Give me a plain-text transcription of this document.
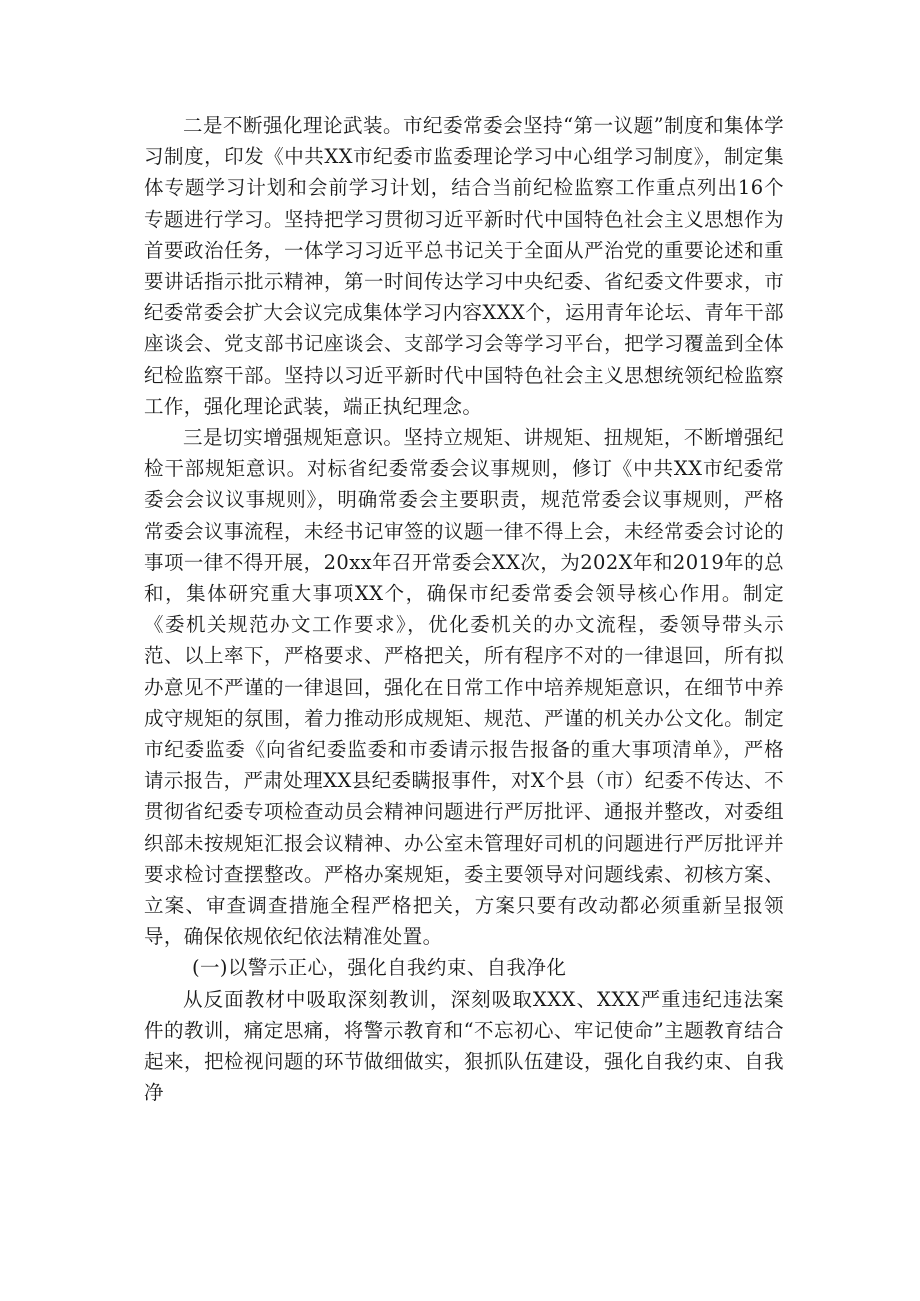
二是不断强化理论武装。市纪委常委会坚持“第一议题”制度和集体学习制度，印发《中共XX市纪委市监委理论学习中心组学习制度》，制定集体专题学习计划和会前学习计划，结合当前纪检监察工作重点列出16个专题进行学习。坚持把学习贯彻习近平新时代中国特色社会主义思想作为首要政治任务，一体学习习近平总书记关于全面从严治党的重要论述和重要讲话指示批示精神，第一时间传达学习中央纪委、省纪委文件要求，市纪委常委会扩大会议完成集体学习内容XXX个，运用青年论坛、青年干部座谈会、党支部书记座谈会、支部学习会等学习平台，把学习覆盖到全体纪检监察干部。坚持以习近平新时代中国特色社会主义思想统领纪检监察工作，强化理论武装，端正执纪理念。

三是切实增强规矩意识。坚持立规矩、讲规矩、扭规矩，不断增强纪检干部规矩意识。对标省纪委常委会议事规则，修订《中共XX市纪委常委会会议议事规则》，明确常委会主要职责，规范常委会议事规则，严格常委会议事流程，未经书记审签的议题一律不得上会，未经常委会讨论的事项一律不得开展，20xx年召开常委会XX次，为202X年和2019年的总和，集体研究重大事项XX个，确保市纪委常委会领导核心作用。制定《委机关规范办文工作要求》，优化委机关的办文流程，委领导带头示范、以上率下，严格要求、严格把关，所有程序不对的一律退回，所有拟办意见不严谨的一律退回，强化在日常工作中培养规矩意识，在细节中养成守规矩的氛围，着力推动形成规矩、规范、严谨的机关办公文化。制定市纪委监委《向省纪委监委和市委请示报告报备的重大事项清单》，严格请示报告，严肃处理XX县纪委瞒报事件，对X个县（市）纪委不传达、不贯彻省纪委专项检查动员会精神问题进行严厉批评、通报并整改，对委组织部未按规矩汇报会议精神、办公室未管理好司机的问题进行严厉批评并要求检讨查摆整改。严格办案规矩，委主要领导对问题线索、初核方案、立案、审查调查措施全程严格把关，方案只要有改动都必须重新呈报领导，确保依规依纪依法精准处置。

(一)以警示正心，强化自我约束、自我净化

从反面教材中吸取深刻教训，深刻吸取XXX、XXX严重违纪违法案件的教训，痛定思痛，将警示教育和“不忘初心、牢记使命”主题教育结合起来，把检视问题的环节做细做实，狠抓队伍建设，强化自我约束、自我净
